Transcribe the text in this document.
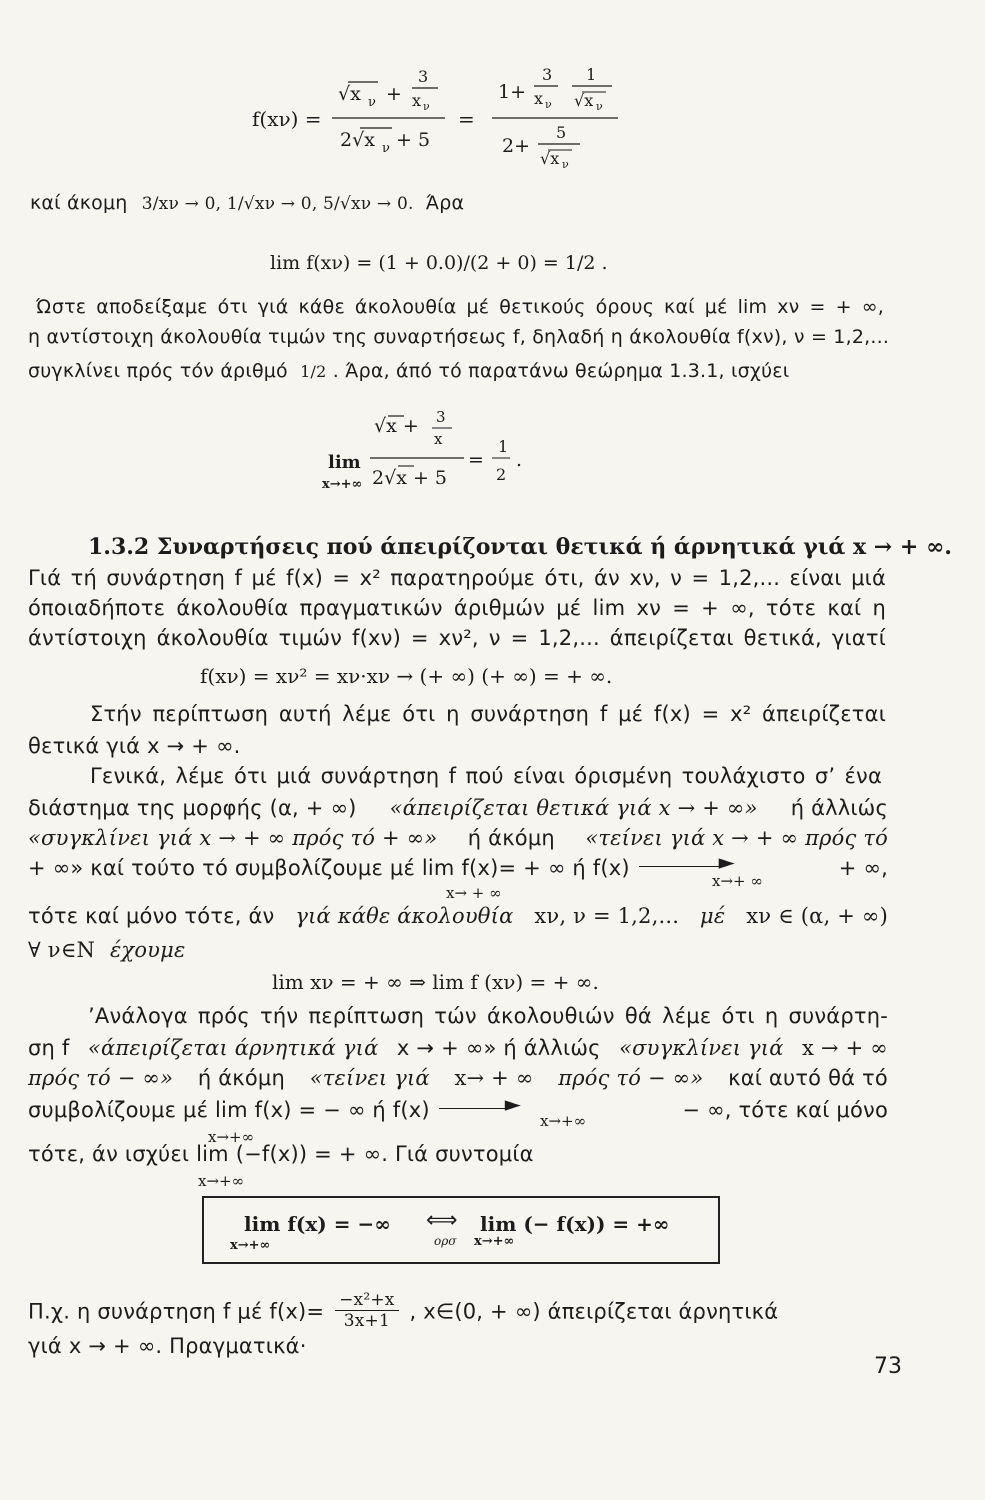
f(xν) =
√x ν +
3
x ν
2√x ν + 5
=
1+
3
x ν
1
√x ν
2+
5
√x ν
καί άκομη 3/xν → 0, 1/√xν → 0, 5/√xν → 0. Άρα
lim f(xν) = (1 + 0.0)/(2 + 0) = 1/2 .
Ώστε αποδείξαμε ότι γιά κάθε άκολουθία μέ θετικούς όρους καί μέ lim xν = + ∞,
η αντίστοιχη άκολουθία τιμών της συναρτήσεως f, δηλαδή η άκολουθία f(xν), ν = 1,2,...
συγκλίνει πρός τόν άριθμό 1/2 . Άρα, άπό τό παρατάνω θεώρημα 1.3.1, ισχύει
√x + 3
x
lim
x→+∞ 2√x + 5
=
1
2
.
1.3.2 Συναρτήσεις πού άπειρίζονται θετικά ή άρνητικά γιά x → + ∞.
Γιά τή συνάρτηση f μέ f(x) = x² παρατηρούμε ότι, άν xν, ν = 1,2,... είναι μιά
όποιαδήποτε άκολουθία πραγματικών άριθμών μέ lim xν = + ∞, τότε καί η
άντίστοιχη άκολουθία τιμών f(xν) = xν², ν = 1,2,... άπειρίζεται θετικά, γιατί
f(xν) = xν² = xν·xν → (+ ∞) (+ ∞) = + ∞.
Στήν περίπτωση αυτή λέμε ότι η συνάρτηση f μέ f(x) = x² άπειρίζεται
θετικά γιά x → + ∞.
Γενικά, λέμε ότι μιά συνάρτηση f πού είναι όρισμένη τουλάχιστο σ’ ένα
διάστημα της μορφής (α, + ∞) «άπειρίζεται θετικά γιά x → + ∞» ή άλλιώς
«συγκλίνει γιά x → + ∞ πρός τό + ∞» ή άκόμη «τείνει γιά x → + ∞ πρός τό
+ ∞» καί τούτο τό συμβολίζουμε μέ lim f(x)= + ∞ ή f(x)	►	+ ∞,
x→ + ∞
x→+ ∞
τότε καί μόνο τότε, άν γιά κάθε άκολουθία xν, ν = 1,2,... μέ xν ∈ (α, + ∞)
∀ ν∈N έχουμε
lim xν = + ∞ ⇒ lim f (xν) = + ∞.
’Ανάλογα πρός τήν περίπτωση τών άκολουθιών θά λέμε ότι η συνάρτη-
ση f «άπειρίζεται άρνητικά γιά x → + ∞» ή άλλιώς «συγκλίνει γιά x → + ∞
πρός τό − ∞» ή άκόμη «τείνει γιά x→ + ∞ πρός τό − ∞» καί αυτό θά τό
συμβολίζουμε μέ lim f(x) = − ∞ ή f(x)	►	− ∞, τότε καί μόνο
x→+∞
x→+∞
τότε, άν ισχύει lim (−f(x)) = + ∞. Γιά συντομία
x→+∞
lim f(x) = −∞
x→+∞
⟺
ορσ
lim (− f(x)) = +∞
x→+∞
Π.χ. η συνάρτηση f μέ $f(x)= \frac{\text{−x²+x}}{3x+1}$ , x∈(0, + ∞) άπειρίζεται άρνητικά
γιά x → + ∞. Πραγματικά·
73
